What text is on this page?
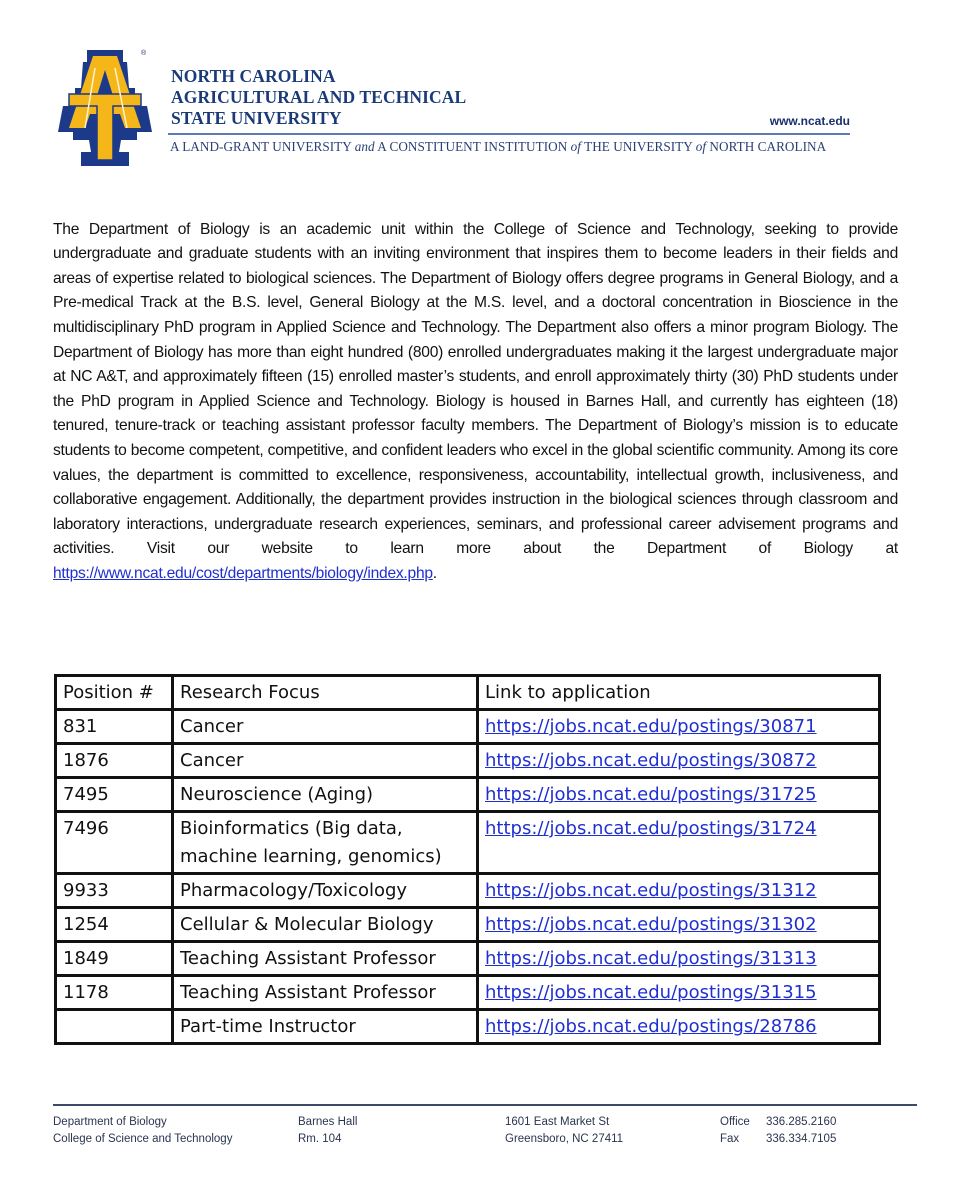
®
NORTH CAROLINA
AGRICULTURAL AND TECHNICAL
STATE UNIVERSITY	www.ncat.edu
A LAND-GRANT UNIVERSITY and A CONSTITUENT INSTITUTION of THE UNIVERSITY of NORTH CAROLINA

The Department of Biology is an academic unit within the College of Science and Technology, seeking to provide undergraduate and graduate students with an inviting environment that inspires them to become leaders in their fields and areas of expertise related to biological sciences. The Department of Biology offers degree programs in General Biology, and a Pre-medical Track at the B.S. level, General Biology at the M.S. level, and a doctoral concentration in Bioscience in the multidisciplinary PhD program in Applied Science and Technology. The Department also offers a minor program Biology. The Department of Biology has more than eight hundred (800) enrolled undergraduates making it the largest undergraduate major at NC A&T, and approximately fifteen (15) enrolled master’s students, and enroll approximately thirty (30) PhD students under the PhD program in Applied Science and Technology. Biology is housed in Barnes Hall, and currently has eighteen (18) tenured, tenure-track or teaching assistant professor faculty members. The Department of Biology’s mission is to educate students to become competent, competitive, and confident leaders who excel in the global scientific community. Among its core values, the department is committed to excellence, responsiveness, accountability, intellectual growth, inclusiveness, and collaborative engagement. Additionally, the department provides instruction in the biological sciences through classroom and laboratory interactions, undergraduate research experiences, seminars, and professional career advisement programs and activities. Visit our website to learn more about the Department of Biology at https://www.ncat.edu/cost/departments/biology/index.php.

Position #	Research Focus	Link to application
831	Cancer	https://jobs.ncat.edu/postings/30871
1876	Cancer	https://jobs.ncat.edu/postings/30872
7495	Neuroscience (Aging)	https://jobs.ncat.edu/postings/31725
7496	Bioinformatics (Big data,
machine learning, genomics)	https://jobs.ncat.edu/postings/31724
9933	Pharmacology/Toxicology	https://jobs.ncat.edu/postings/31312
1254	Cellular & Molecular Biology	https://jobs.ncat.edu/postings/31302
1849	Teaching Assistant Professor	https://jobs.ncat.edu/postings/31313
1178	Teaching Assistant Professor	https://jobs.ncat.edu/postings/31315
	Part-time Instructor	https://jobs.ncat.edu/postings/28786
Department of Biology
College of Science and Technology
Barnes Hall
Rm. 104
1601 East Market St
Greensboro, NC 27411
Office 336.285.2160
Fax 336.334.7105
